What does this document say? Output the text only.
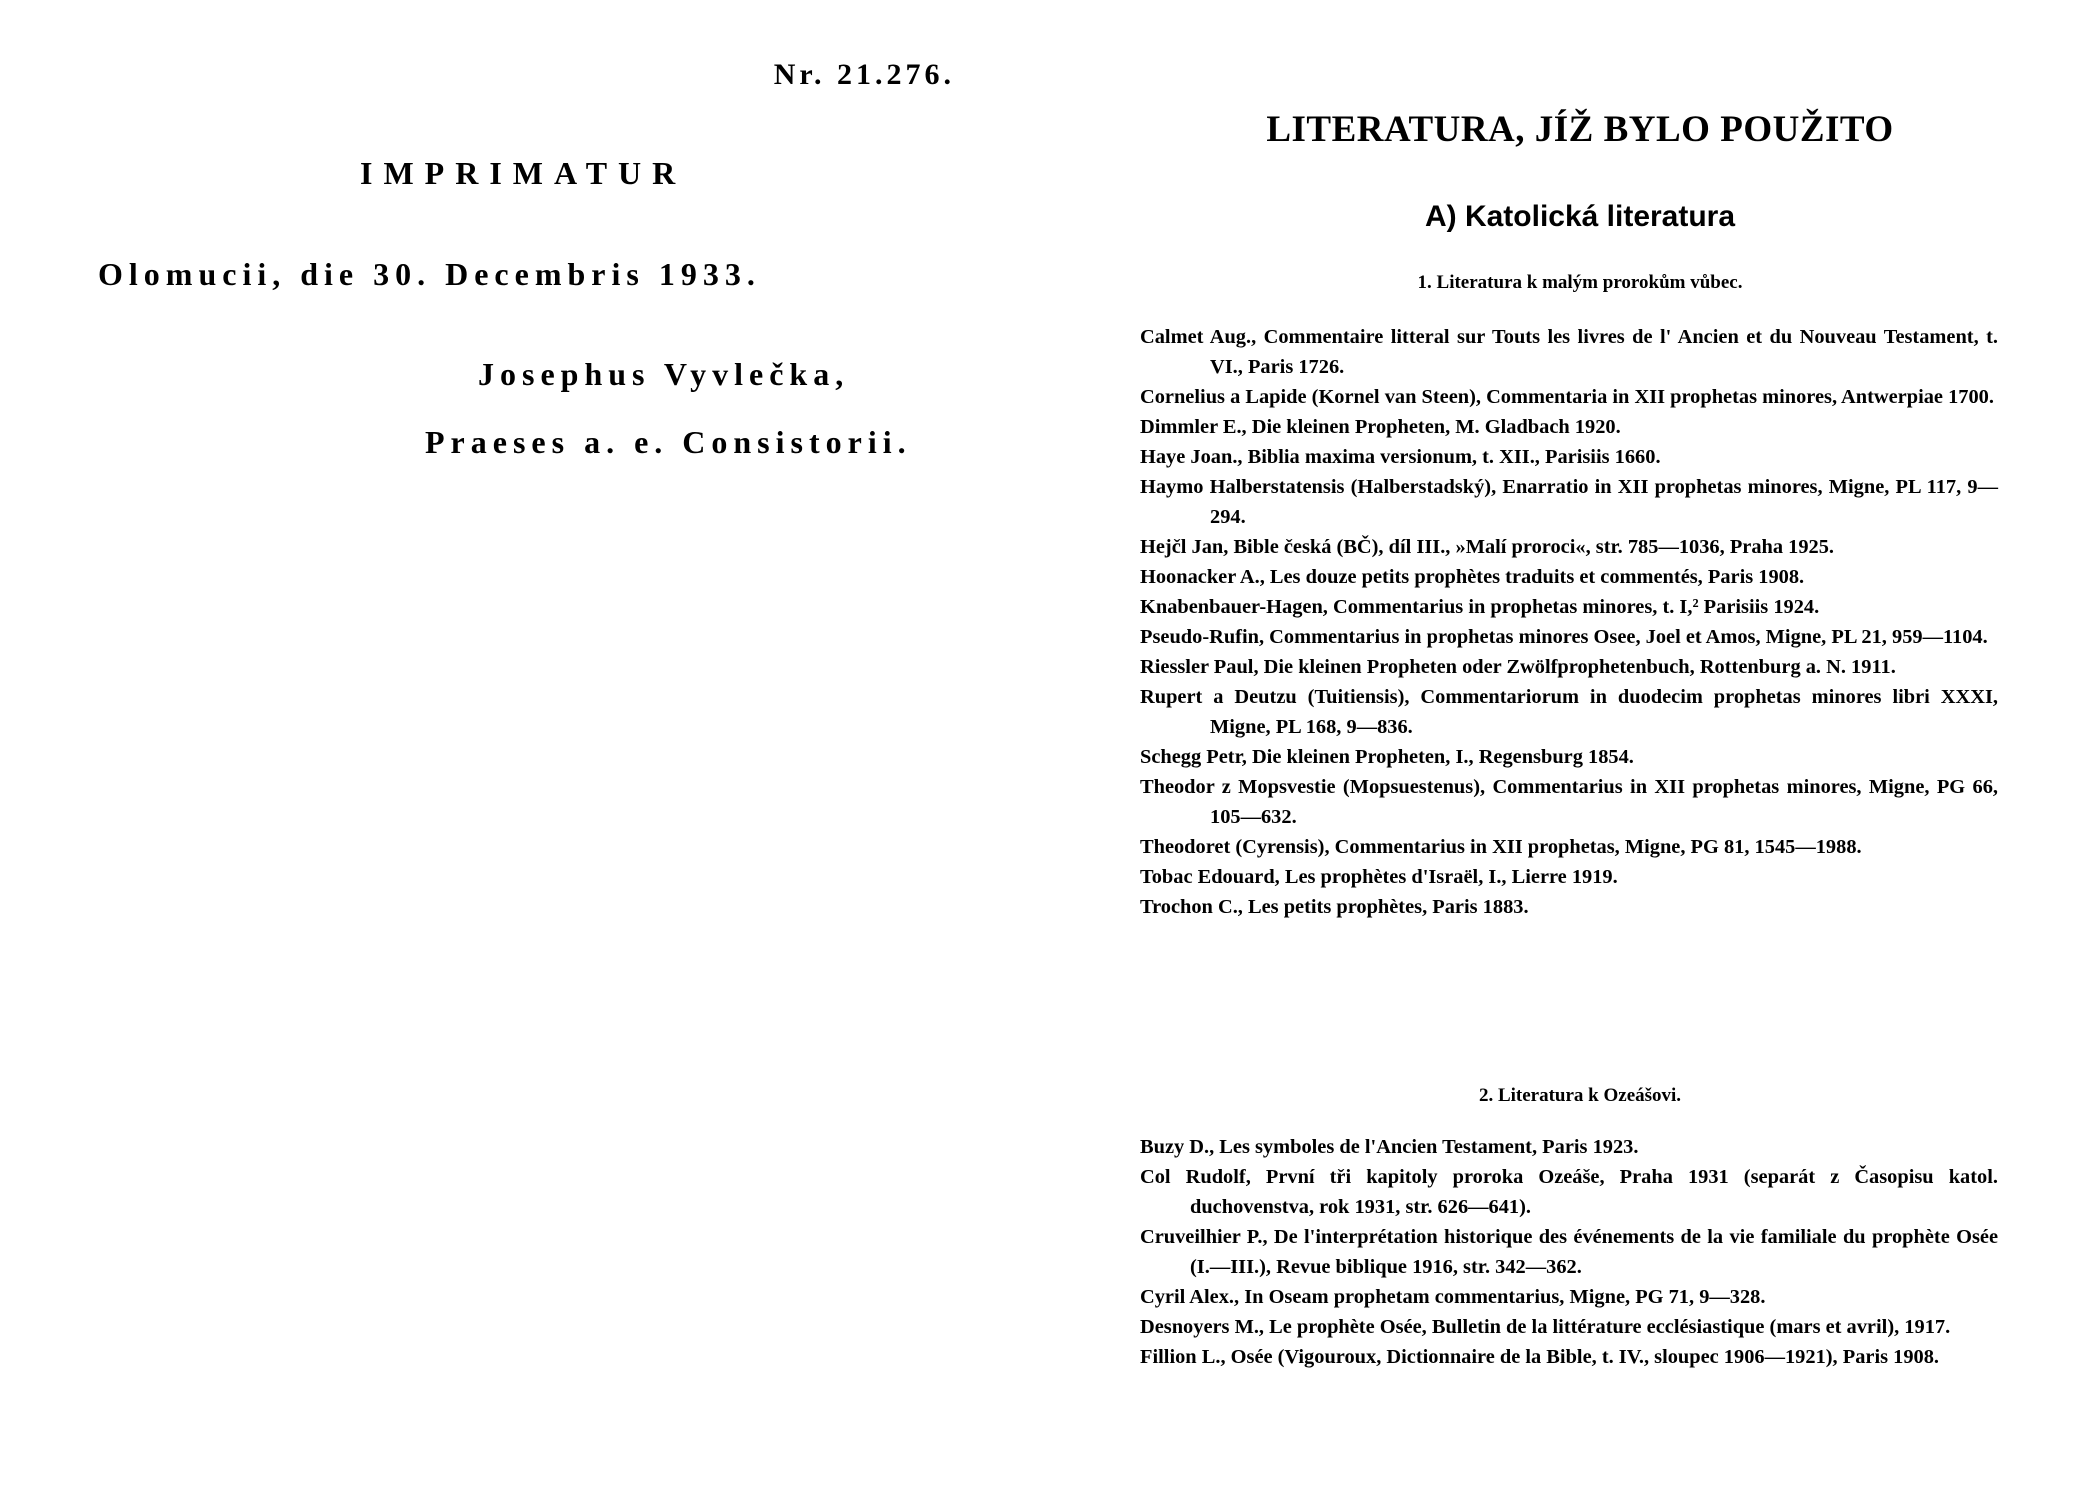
Nr. 21.276.

IMPRIMATUR

Olomucii, die 30. Decembris 1933.

Josephus Vyvlečka,

Praeses a. e. Consistorii.

LITERATURA, JÍŽ BYLO POUŽITO
A) Katolická literatura
1. Literatura k malým prorokům vůbec.
Calmet Aug., Commentaire litteral sur Touts les livres de l' Ancien et du Nouveau Testament, t. VI., Paris 1726.
Cornelius a Lapide (Kornel van Steen), Commentaria in XII prophetas minores, Antwerpiae 1700.
Dimmler E., Die kleinen Propheten, M. Gladbach 1920.
Haye Joan., Biblia maxima versionum, t. XII., Parisiis 1660.
Haymo Halberstatensis (Halberstadský), Enarratio in XII prophetas minores, Migne, PL 117, 9—294.
Hejčl Jan, Bible česká (BČ), díl III., »Malí proroci«, str. 785—1036, Praha 1925.
Hoonacker A., Les douze petits prophètes traduits et commentés, Paris 1908.
Knabenbauer-Hagen, Commentarius in prophetas minores, t. I,² Parisiis 1924.
Pseudo-Rufin, Commentarius in prophetas minores Osee, Joel et Amos, Migne, PL 21, 959—1104.
Riessler Paul, Die kleinen Propheten oder Zwölfprophetenbuch, Rottenburg a. N. 1911.
Rupert a Deutzu (Tuitiensis), Commentariorum in duodecim prophetas minores libri XXXI, Migne, PL 168, 9—836.
Schegg Petr, Die kleinen Propheten, I., Regensburg 1854.
Theodor z Mopsvestie (Mopsuestenus), Commentarius in XII prophetas minores, Migne, PG 66, 105—632.
Theodoret (Cyrensis), Commentarius in XII prophetas, Migne, PG 81, 1545—1988.
Tobac Edouard, Les prophètes d'Israël, I., Lierre 1919.
Trochon C., Les petits prophètes, Paris 1883.
2. Literatura k Ozeášovi.
Buzy D., Les symboles de l'Ancien Testament, Paris 1923.
Col Rudolf, První tři kapitoly proroka Ozeáše, Praha 1931 (separát z Časopisu katol. duchovenstva, rok 1931, str. 626—641).
Cruveilhier P., De l'interprétation historique des événements de la vie familiale du prophète Osée (I.—III.), Revue biblique 1916, str. 342—362.
Cyril Alex., In Oseam prophetam commentarius, Migne, PG 71, 9—328.
Desnoyers M., Le prophète Osée, Bulletin de la littérature ecclésiastique (mars et avril), 1917.
Fillion L., Osée (Vigouroux, Dictionnaire de la Bible, t. IV., sloupec 1906—1921), Paris 1908.
